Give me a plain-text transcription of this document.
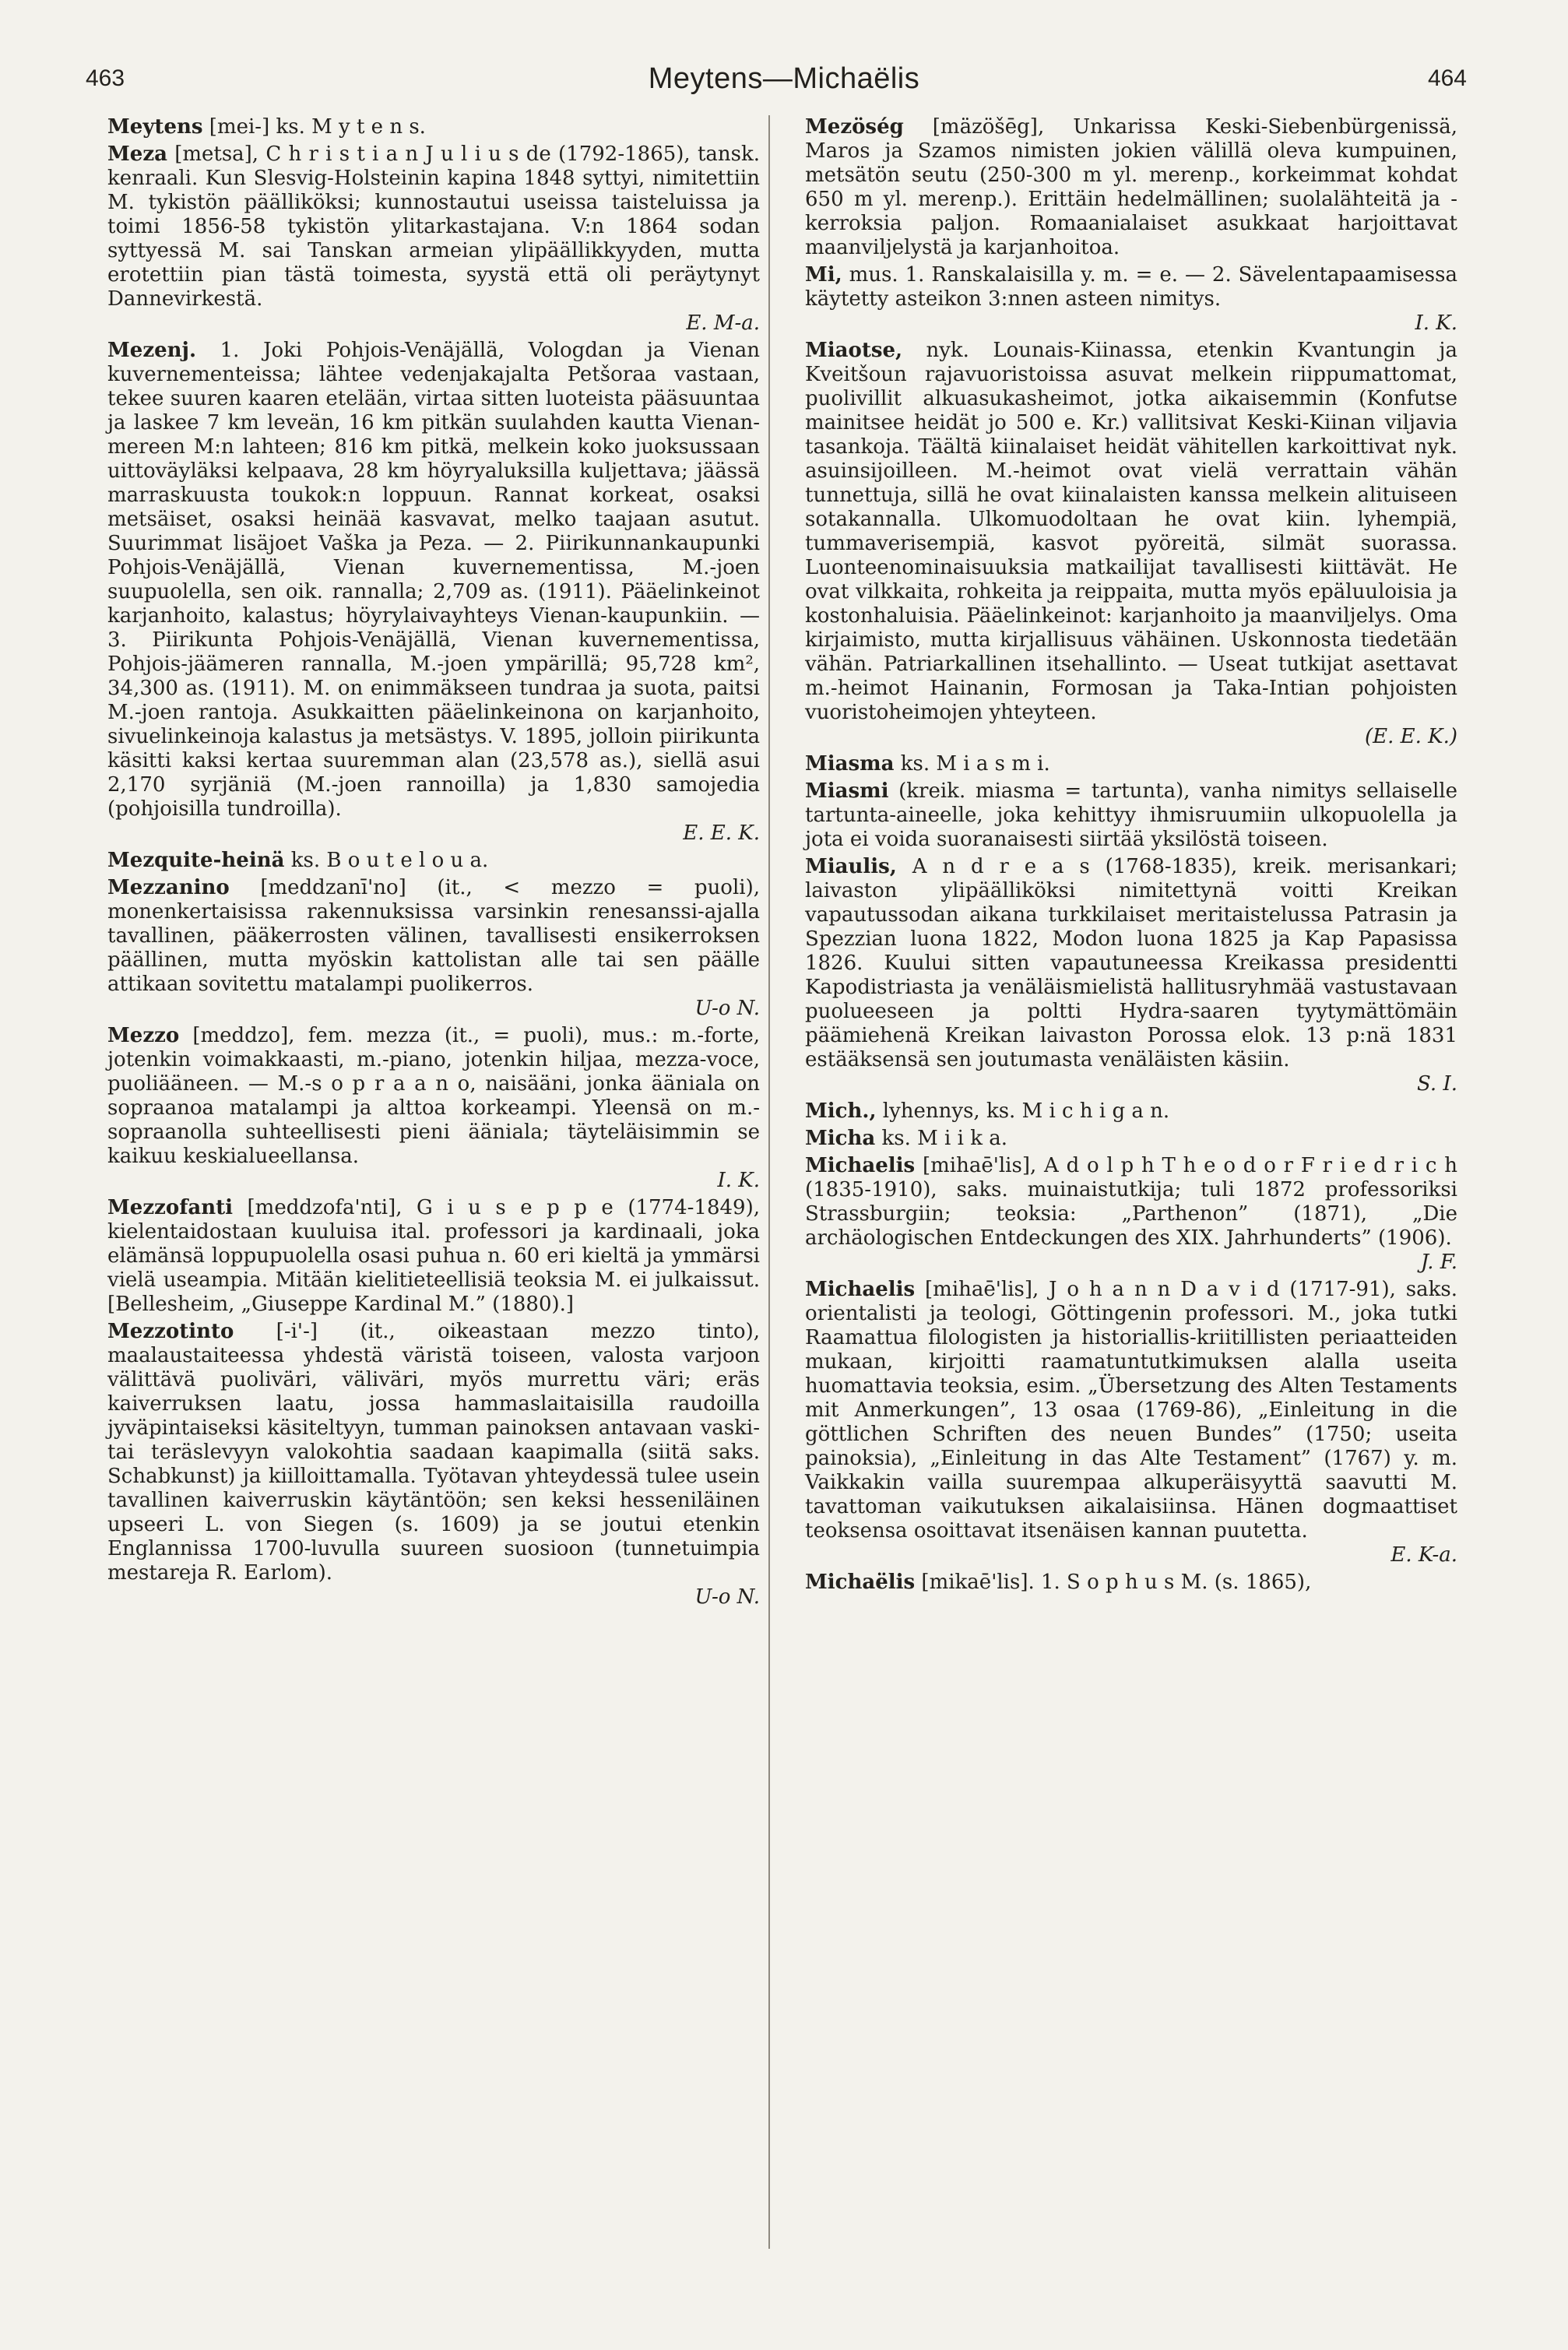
463	Meytens—Michaëlis	464

Meytens [mei-] ks. M y t e n s.

Meza [metsa], C h r i s t i a n J u l i u s de (1792-1865), tansk. kenraali. Kun Slesvig-Holsteinin kapina 1848 syttyi, nimitettiin M. tykistön päälliköksi; kunnostautui useissa taisteluissa ja toimi 1856-58 tykistön ylitarkastajana. V:n 1864 sodan syttyessä M. sai Tanskan armeian ylipäällikkyyden, mutta erotettiin pian tästä toimesta, syystä että oli peräytynyt Dannevirkestä.
E. M-a.

Mezenj. 1. Joki Pohjois-Venäjällä, Vologdan ja Vienan kuvernementeissa; lähtee vedenjakajalta Petšoraa vastaan, tekee suuren kaaren etelään, virtaa sitten luoteista pääsuuntaa ja laskee 7 km leveän, 16 km pitkän suulahden kautta Vienan-mereen M:n lahteen; 816 km pitkä, melkein koko juoksussaan uittoväyläksi kelpaava, 28 km höyryaluksilla kuljettava; jäässä marraskuusta toukok:n loppuun. Rannat korkeat, osaksi metsäiset, osaksi heinää kasvavat, melko taajaan asutut. Suurimmat lisäjoet Vaška ja Peza. — 2. Piirikunnankaupunki Pohjois-Venäjällä, Vienan kuvernementissa, M.-joen suupuolella, sen oik. rannalla; 2,709 as. (1911). Pääelinkeinot karjanhoito, kalastus; höyrylaivayhteys Vienan-kaupunkiin. — 3. Piirikunta Pohjois-Venäjällä, Vienan kuvernementissa, Pohjois-jäämeren rannalla, M.-joen ympärillä; 95,728 km², 34,300 as. (1911). M. on enimmäkseen tundraa ja suota, paitsi M.-joen rantoja. Asukkaitten pääelinkeinona on karjanhoito, sivuelinkeinoja kalastus ja metsästys. V. 1895, jolloin piirikunta käsitti kaksi kertaa suuremman alan (23,578 as.), siellä asui 2,170 syrjäniä (M.-joen rannoilla) ja 1,830 samojedia (pohjoisilla tundroilla).
E. E. K.

Mezquite-heinä ks. B o u t e l o u a.

Mezzanino [meddzanī'no] (it., < mezzo = puoli), monenkertaisissa rakennuksissa varsinkin renesanssi-ajalla tavallinen, pääkerrosten välinen, tavallisesti ensikerroksen päällinen, mutta myöskin kattolistan alle tai sen päälle attikaan sovitettu matalampi puolikerros.
U-o N.

Mezzo [meddzo], fem. mezza (it., = puoli), mus.: m.-forte, jotenkin voimakkaasti, m.-piano, jotenkin hiljaa, mezza-voce, puoliääneen. — M.-s o p r a a n o, naisääni, jonka ääniala on sopraanoa matalampi ja alttoa korkeampi. Yleensä on m.-sopraanolla suhteellisesti pieni ääniala; täyteläisimmin se kaikuu keskialueellansa.
I. K.

Mezzofanti [meddzofa'nti], G i u s e p p e (1774-1849), kielentaidostaan kuuluisa ital. professori ja kardinaali, joka elämänsä loppupuolella osasi puhua n. 60 eri kieltä ja ymmärsi vielä useampia. Mitään kielitieteellisiä teoksia M. ei julkaissut. [Bellesheim, „Giuseppe Kardinal M.” (1880).]

Mezzotinto [-i'-] (it., oikeastaan mezzo tinto), maalaustaiteessa yhdestä väristä toiseen, valosta varjoon välittävä puoliväri, väliväri, myös murrettu väri; eräs kaiverruksen laatu, jossa hammaslaitaisilla raudoilla jyväpintaiseksi käsiteltyyn, tumman painoksen antavaan vaski- tai teräslevyyn valokohtia saadaan kaapimalla (siitä saks. Schabkunst) ja kiilloittamalla. Työtavan yhteydessä tulee usein tavallinen kaiverruskin käytäntöön; sen keksi hesseniläinen upseeri L. von Siegen (s. 1609) ja se joutui etenkin Englannissa 1700-luvulla suureen suosioon (tunnetuimpia mestareja R. Earlom).
U-o N.

Mezöség [mäzöšēg], Unkarissa Keski-Siebenbürgenissä, Maros ja Szamos nimisten jokien välillä oleva kumpuinen, metsätön seutu (250-300 m yl. merenp., korkeimmat kohdat 650 m yl. merenp.). Erittäin hedelmällinen; suolalähteitä ja -kerroksia paljon. Romaanialaiset asukkaat harjoittavat maanviljelystä ja karjanhoitoa.

Mi, mus. 1. Ranskalaisilla y. m. = e. — 2. Sävelentapaamisessa käytetty asteikon 3:nnen asteen nimitys.
I. K.

Miaotse, nyk. Lounais-Kiinassa, etenkin Kvantungin ja Kveitšoun rajavuoristoissa asuvat melkein riippumattomat, puolivillit alkuasukasheimot, jotka aikaisemmin (Konfutse mainitsee heidät jo 500 e. Kr.) vallitsivat Keski-Kiinan viljavia tasankoja. Täältä kiinalaiset heidät vähitellen karkoittivat nyk. asuinsijoilleen. M.-heimot ovat vielä verrattain vähän tunnettuja, sillä he ovat kiinalaisten kanssa melkein alituiseen sotakannalla. Ulkomuodoltaan he ovat kiin. lyhempiä, tummaverisempiä, kasvot pyöreitä, silmät suorassa. Luonteenominaisuuksia matkailijat tavallisesti kiittävät. He ovat vilkkaita, rohkeita ja reippaita, mutta myös epäluuloisia ja kostonhaluisia. Pääelinkeinot: karjanhoito ja maanviljelys. Oma kirjaimisto, mutta kirjallisuus vähäinen. Uskonnosta tiedetään vähän. Patriarkallinen itsehallinto. — Useat tutkijat asettavat m.-heimot Hainanin, Formosan ja Taka-Intian pohjoisten vuoristoheimojen yhteyteen.
(E. E. K.)

Miasma ks. M i a s m i.

Miasmi (kreik. miasma = tartunta), vanha nimitys sellaiselle tartunta-aineelle, joka kehittyy ihmisruumiin ulkopuolella ja jota ei voida suoranaisesti siirtää yksilöstä toiseen.

Miaulis, A n d r e a s (1768-1835), kreik. merisankari; laivaston ylipäälliköksi nimitettynä voitti Kreikan vapautussodan aikana turkkilaiset meritaistelussa Patrasin ja Spezzian luona 1822, Modon luona 1825 ja Kap Papasissa 1826. Kuului sitten vapautuneessa Kreikassa presidentti Kapodistriasta ja venäläismielistä hallitusryhmää vastustavaan puolueeseen ja poltti Hydra-saaren tyytymättömäin päämiehenä Kreikan laivaston Porossa elok. 13 p:nä 1831 estääksensä sen joutumasta venäläisten käsiin.
S. I.

Mich., lyhennys, ks. M i c h i g a n.

Micha ks. M i i k a.

Michaelis [mihaē'lis], A d o l p h T h e o d o r F r i e d r i c h (1835-1910), saks. muinaistutkija; tuli 1872 professoriksi Strassburgiin; teoksia: „Parthenon” (1871), „Die archäologischen Entdeckungen des XIX. Jahrhunderts” (1906).
J. F.

Michaelis [mihaē'lis], J o h a n n D a v i d (1717-91), saks. orientalisti ja teologi, Göttingenin professori. M., joka tutki Raamattua filologisten ja historiallis-kriitillisten periaatteiden mukaan, kirjoitti raamatuntutkimuksen alalla useita huomattavia teoksia, esim. „Übersetzung des Alten Testaments mit Anmerkungen”, 13 osaa (1769-86), „Einleitung in die göttlichen Schriften des neuen Bundes” (1750; useita painoksia), „Einleitung in das Alte Testament” (1767) y. m. Vaikkakin vailla suurempaa alkuperäisyyttä saavutti M. tavattoman vaikutuksen aikalaisiinsa. Hänen dogmaattiset teoksensa osoittavat itsenäisen kannan puutetta.
E. K-a.

Michaëlis [mikaē'lis]. 1. S o p h u s M. (s. 1865),
